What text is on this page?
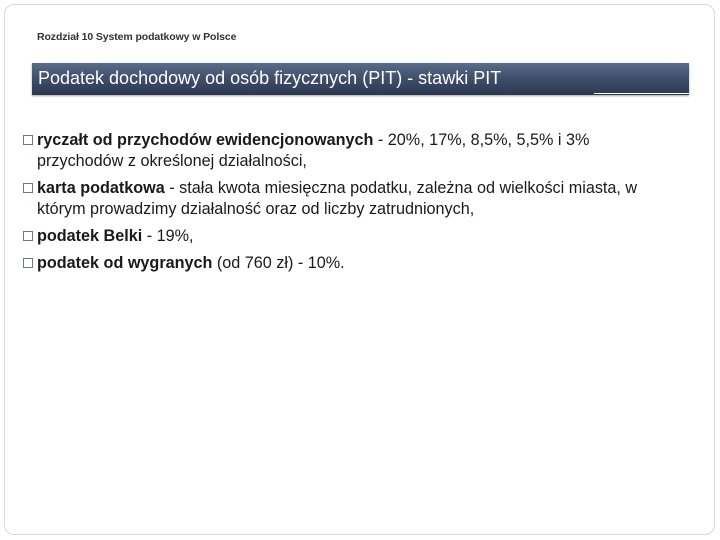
Rozdział 10 System podatkowy w Polsce
Podatek dochodowy od osób fizycznych (PIT) - stawki PIT
ryczałt od przychodów ewidencjonowanych - 20%, 17%, 8,5%, 5,5% i 3% przychodów z określonej działalności,
karta podatkowa - stała kwota miesięczna podatku, zależna od wielkości miasta, w którym prowadzimy działalność oraz od liczby zatrudnionych,
podatek Belki - 19%,
podatek od wygranych (od 760 zł) - 10%.
